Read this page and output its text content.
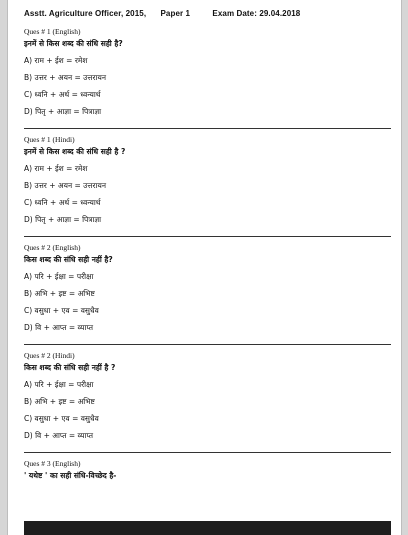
Asstt. Agriculture Officer, 2015, Paper 1	Exam Date: 29.04.2018
Ques # 1 (English)
इनमें से किस शब्द की संधि सही है?
A) राम + ईश = रमेश
B) उत्तर + अयन = उत्तरायन
C) ध्वनि + अर्थ = ध्वन्यार्थ
D) पितृ + आज्ञा = पित्राज्ञा
Ques # 1 (Hindi)
इनमें से किस शब्द की संधि सही है ?
A) राम + ईश = रमेश
B) उत्तर + अयन = उत्तरायन
C) ध्वनि + अर्थ = ध्वन्यार्थ
D) पितृ + आज्ञा = पित्राज्ञा
Ques # 2 (English)
किस शब्द की संधि सही नहीं है?
A) परि + ईक्षा = परीक्षा
B) अभि + इष्ट = अभिष्ट
C) वसुधा + एव = वसुधैव
D) वि + आप्त = व्याप्त
Ques # 2 (Hindi)
किस शब्द की संधि सही नहीं है ?
A) परि + ईक्षा = परीक्षा
B) अभि + इष्ट = अभिष्ट
C) वसुधा + एव = वसुधैव
D) वि + आप्त = व्याप्त
Ques # 3 (English)
' यथेष्ट ' का सही संधि-विच्छेद है-
